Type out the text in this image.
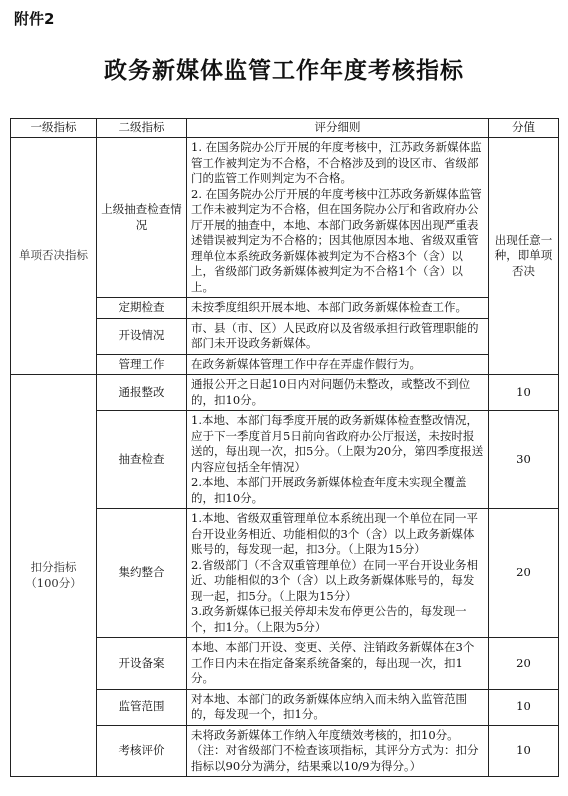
附件2
政务新媒体监管工作年度考核指标
一级指标	二级指标	评分细则	分值
单项否决指标	上级抽查检查情况	1. 在国务院办公厅开展的年度考核中，江苏政务新媒体监管工作被判定为不合格，不合格涉及到的设区市、省级部门的监管工作则判定为不合格。
2. 在国务院办公厅开展的年度考核中江苏政务新媒体监管工作未被判定为不合格，但在国务院办公厅和省政府办公厅开展的抽查中，本地、本部门政务新媒体因出现严重表述错误被判定为不合格的；因其他原因本地、省级双重管理单位本系统政务新媒体被判定为不合格3个（含）以上，省级部门政务新媒体被判定为不合格1个（含）以上。	出现任意一种，即单项否决
	定期检查	未按季度组织开展本地、本部门政务新媒体检查工作。	
	开设情况	市、县（市、区）人民政府以及省级承担行政管理职能的部门未开设政务新媒体。	
	管理工作	在政务新媒体管理工作中存在弄虚作假行为。	
扣分指标（100分）	通报整改	通报公开之日起10日内对问题仍未整改，或整改不到位的，扣10分。	10
	抽查检查	1.本地、本部门每季度开展的政务新媒体检查整改情况，应于下一季度首月5日前向省政府办公厅报送，未按时报送的，每出现一次，扣5分。（上限为20分，第四季度报送内容应包括全年情况）
2.本地、本部门开展政务新媒体检查年度未实现全覆盖的，扣10分。	30
	集约整合	1.本地、省级双重管理单位本系统出现一个单位在同一平台开设业务相近、功能相似的3个（含）以上政务新媒体账号的，每发现一起，扣3分。（上限为15分）
2.省级部门（不含双重管理单位）在同一平台开设业务相近、功能相似的3个（含）以上政务新媒体账号的，每发现一起，扣5分。（上限为15分）
3.政务新媒体已报关停却未发布停更公告的，每发现一个，扣1分。（上限为5分）	20
	开设备案	本地、本部门开设、变更、关停、注销政务新媒体在3个工作日内未在指定备案系统备案的，每出现一次，扣1分。	20
	监管范围	对本地、本部门的政务新媒体应纳入而未纳入监管范围的，每发现一个，扣1分。	10
	考核评价	未将政务新媒体工作纳入年度绩效考核的，扣10分。（注：对省级部门不检查该项指标，其评分方式为：扣分指标以90分为满分，结果乘以10/9为得分。）	10
